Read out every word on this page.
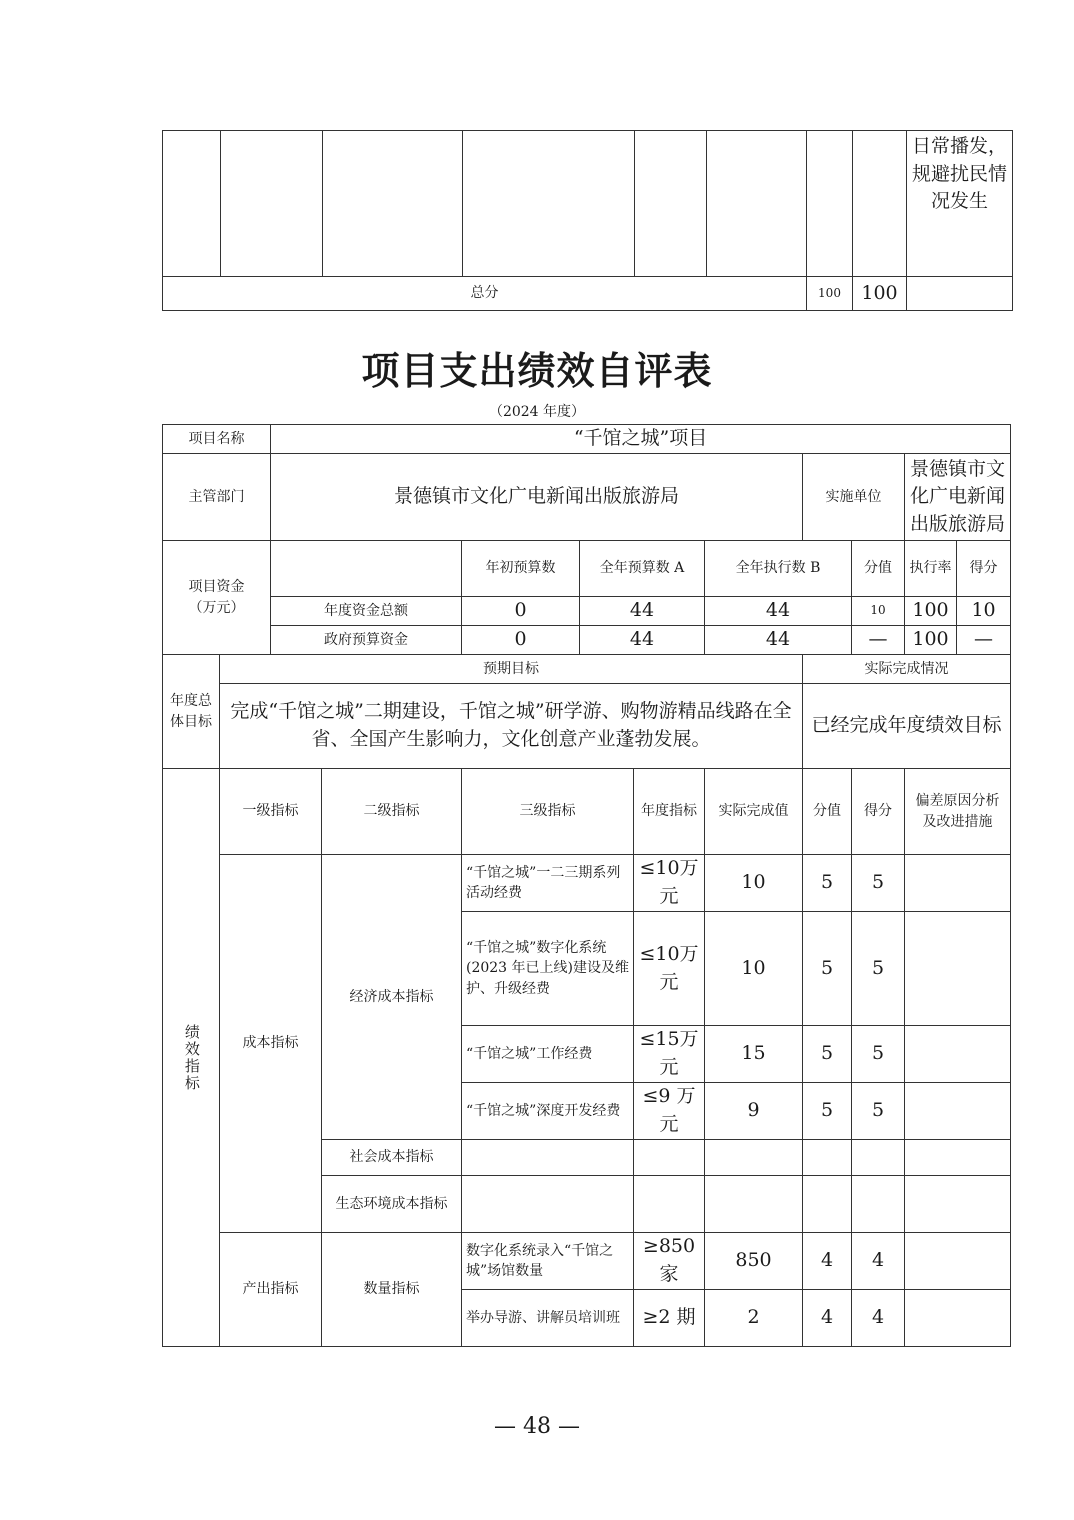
								日常播发，规避扰民情况发生

总分						100	100	
项目支出绩效自评表
（2024 年度）
项目名称		“千馆之城”项目									
主管部门		景德镇市文化广电新闻出版旅游局						实施单位		景德镇市文化广电新闻出版旅游局	

项目资金
（万元）				年初预算数	全年预算数 A		全年执行数 B		分值	执行率	得分
		年度资金总额		0	44		44		10	100	10
		政府预算资金		0	44		44		—	100	—
年度总体目标	预期目标							实际完成情况			
	完成“千馆之城”二期建设，千馆之城”研学游、购物游精品线路在全省、全国产生影响力，文化创意产业蓬勃发展。							已经完成年度绩效目标			

绩效指标	一级指标		二级指标	三级指标		年度指标	实际完成值	分值	得分	偏差原因分析及改进措施	
	成本指标		经济成本指标	“千馆之城”一二三期系列活动经费		≤10万元	10	5	5		
				“千馆之城”数字化系统(2023 年已上线)建设及维护、升级经费		≤10万元	10	5	5		
				“千馆之城”工作经费		≤15万元	15	5	5		
				“千馆之城”深度开发经费		≤9 万元	9	5	5		
			社会成本指标								
			生态环境成本指标								
	产出指标		数量指标	数字化系统录入“千馆之城”场馆数量		≥850家	850	4	4		
				举办导游、讲解员培训班		≥2 期	2	4	4		
— 48 —
